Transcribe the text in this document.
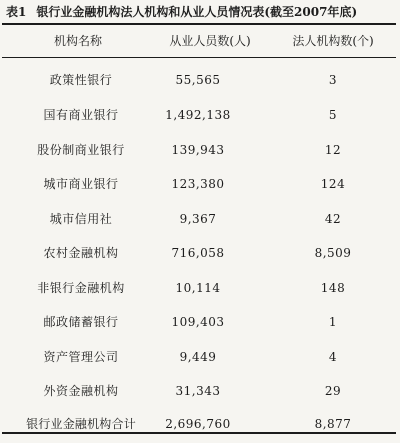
表1 银行业金融机构法人机构和从业人员情况表(截至2007年底)
机构名称	从业人员数(人)	法人机构数(个)
政策性银行	55,565	3
国有商业银行	1,492,138	5
股份制商业银行	139,943	12
城市商业银行	123,380	124
城市信用社	9,367	42
农村金融机构	716,058	8,509
非银行金融机构	10,114	148
邮政储蓄银行	109,403	1
资产管理公司	9,449	4
外资金融机构	31,343	29
银行业金融机构合计	2,696,760	8,877
